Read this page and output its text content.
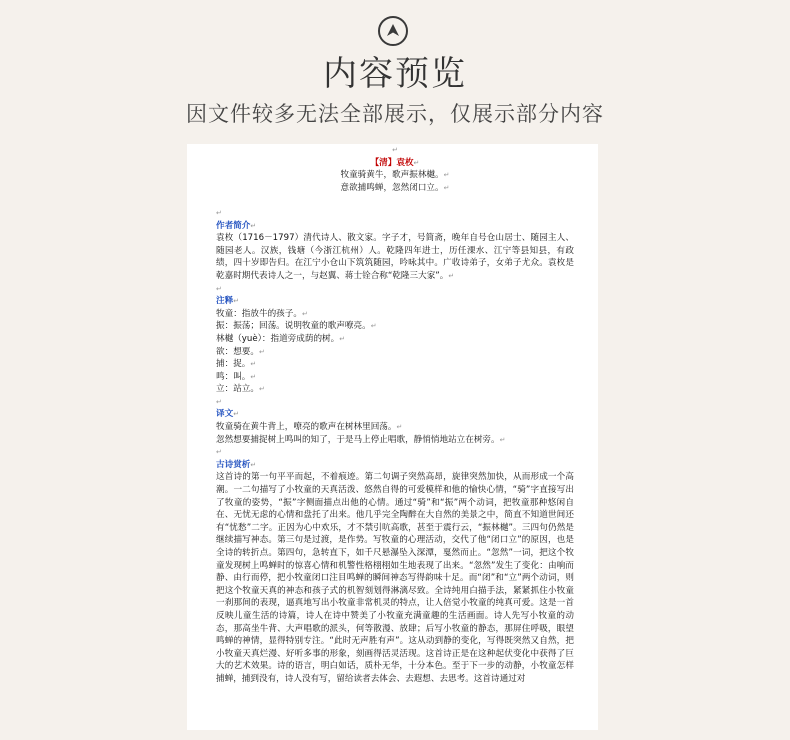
内容预览
因文件较多无法全部展示，仅展示部分内容
↵
【清】袁枚↵
牧童骑黄牛，歌声振林樾。↵
意欲捕鸣蝉，忽然闭口立。↵
↵
作者简介↵
袁枚（1716－1797）清代诗人、散文家。字子才，号简斋，晚年自号仓山居士、随园主人、随园老人。汉族，钱塘（今浙江杭州）人。乾隆四年进士，历任溧水、江宁等县知县，有政绩，四十岁即告归。在江宁小仓山下筑筑随园，吟咏其中。广收诗弟子，女弟子尤众。袁枚是乾嘉时期代表诗人之一，与赵翼、蒋士铨合称“乾隆三大家”。↵
↵
注释↵
牧童：指放牛的孩子。↵
振：振荡；回荡。说明牧童的歌声嘹亮。↵
林樾（yuè）：指道旁成荫的树。↵
欲：想要。↵
捕：捉。↵
鸣：叫。↵
立：站立。↵
↵
译文↵
牧童骑在黄牛背上，嘹亮的歌声在树林里回荡。↵
忽然想要捕捉树上鸣叫的知了，于是马上停止唱歌，静悄悄地站立在树旁。↵
↵
古诗赏析↵
这首诗的第一句平平而起，不着痕迹。第二句调子突然高昂，旋律突然加快，从而形成一个高潮。一二句描写了小牧童的天真活泼、悠然自得的可爱模样和他的愉快心情，“骑”字直接写出了牧童的姿势，“振”字侧面描点出他的心情。通过“骑”和“振”两个动词，把牧童那种悠闲自在、无忧无虑的心情和盘托了出来。他几乎完全陶醉在大自然的美景之中，简直不知道世间还有“忧愁”二字。正因为心中欢乐，才不禁引吭高歌，甚至于震行云，“振林樾”。三四句仍然是继续描写神态。第三句是过渡，是作势。写牧童的心理活动，交代了他“闭口立”的原因，也是全诗的转折点。第四句，急转直下，如千尺悬瀑坠入深潭，戛然而止。“忽然”一词，把这个牧童发现树上鸣蝉时的惊喜心情和机警性格栩栩如生地表现了出来。“忽然”发生了变化：由响而静、由行而停，把小牧童闭口注目鸣蝉的瞬间神态写得韵味十足。而“闭”和“立”两个动词，则把这个牧童天真的神态和孩子式的机智刻划得淋漓尽致。全诗纯用白描手法，紧紧抓住小牧童一刹那间的表现，逼真地写出小牧童非常机灵的特点，让人倍觉小牧童的纯真可爱。这是一首反映儿童生活的诗篇，诗人在诗中赞美了小牧童充满童趣的生活画面。诗人先写小牧童的动态，那高坐牛背、大声唱歌的派头，何等散漫、放肆；后写小牧童的静态，那屏住呼吸，眼望鸣蝉的神情，显得特别专注。“此时无声胜有声”。这从动到静的变化，写得既突然又自然，把小牧童天真烂漫、好听多事的形象，刻画得活灵活现。这首诗正是在这种起伏变化中获得了巨大的艺术效果。诗的语言，明白如话，质朴无华，十分本色。至于下一步的动静，小牧童怎样捕蝉，捕到没有，诗人没有写，留给读者去体会、去遐想、去思考。这首诗通过对
